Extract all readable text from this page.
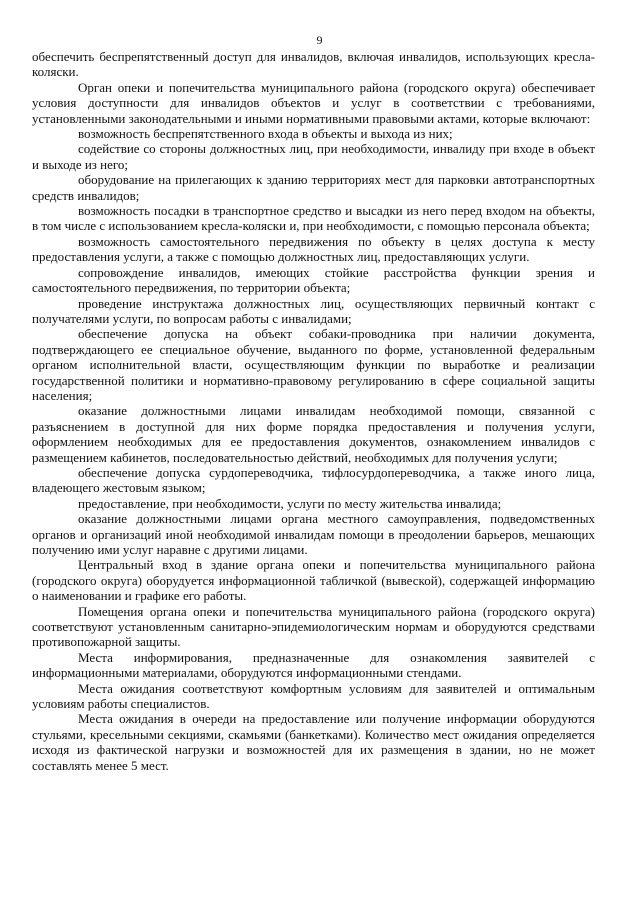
9

обеспечить беспрепятственный доступ для инвалидов, включая инвалидов, использующих кресла-коляски.

Орган опеки и попечительства муниципального района (городского округа) обеспечивает условия доступности для инвалидов объектов и услуг в соответствии с требованиями, установленными законодательными и иными нормативными правовыми актами, которые включают:

возможность беспрепятственного входа в объекты и выхода из них;

содействие со стороны должностных лиц, при необходимости, инвалиду при входе в объект и выходе из него;

оборудование на прилегающих к зданию территориях мест для парковки автотранспортных средств инвалидов;

возможность посадки в транспортное средство и высадки из него перед входом на объекты, в том числе с использованием кресла-коляски и, при необходимости, с помощью персонала объекта;

возможность самостоятельного передвижения по объекту в целях доступа к месту предоставления услуги, а также с помощью должностных лиц, предоставляющих услуги.

сопровождение инвалидов, имеющих стойкие расстройства функции зрения и самостоятельного передвижения, по территории объекта;

проведение инструктажа должностных лиц, осуществляющих первичный контакт с получателями услуги, по вопросам работы с инвалидами;

обеспечение допуска на объект собаки-проводника при наличии документа, подтверждающего ее специальное обучение, выданного по форме, установленной федеральным органом исполнительной власти, осуществляющим функции по выработке и реализации государственной политики и нормативно-правовому регулированию в сфере социальной защиты населения;

оказание должностными лицами инвалидам необходимой помощи, связанной с разъяснением в доступной для них форме порядка предоставления и получения услуги, оформлением необходимых для ее предоставления документов, ознакомлением инвалидов с размещением кабинетов, последовательностью действий, необходимых для получения услуги;

обеспечение допуска сурдопереводчика, тифлосурдопереводчика, а также иного лица, владеющего жестовым языком;

предоставление, при необходимости, услуги по месту жительства инвалида;

оказание должностными лицами органа местного самоуправления, подведомственных органов и организаций иной необходимой инвалидам помощи в преодолении барьеров, мешающих получению ими услуг наравне с другими лицами.

Центральный вход в здание органа опеки и попечительства муниципального района (городского округа) оборудуется информационной табличкой (вывеской), содержащей информацию о наименовании и графике его работы.

Помещения органа опеки и попечительства муниципального района (городского округа) соответствуют установленным санитарно-эпидемиологическим нормам и оборудуются средствами противопожарной защиты.

Места информирования, предназначенные для ознакомления заявителей с информационными материалами, оборудуются информационными стендами.

Места ожидания соответствуют комфортным условиям для заявителей и оптимальным условиям работы специалистов.

Места ожидания в очереди на предоставление или получение информации оборудуются стульями, кресельными секциями, скамьями (банкетками). Количество мест ожидания определяется исходя из фактической нагрузки и возможностей для их размещения в здании, но не может составлять менее 5 мест.
